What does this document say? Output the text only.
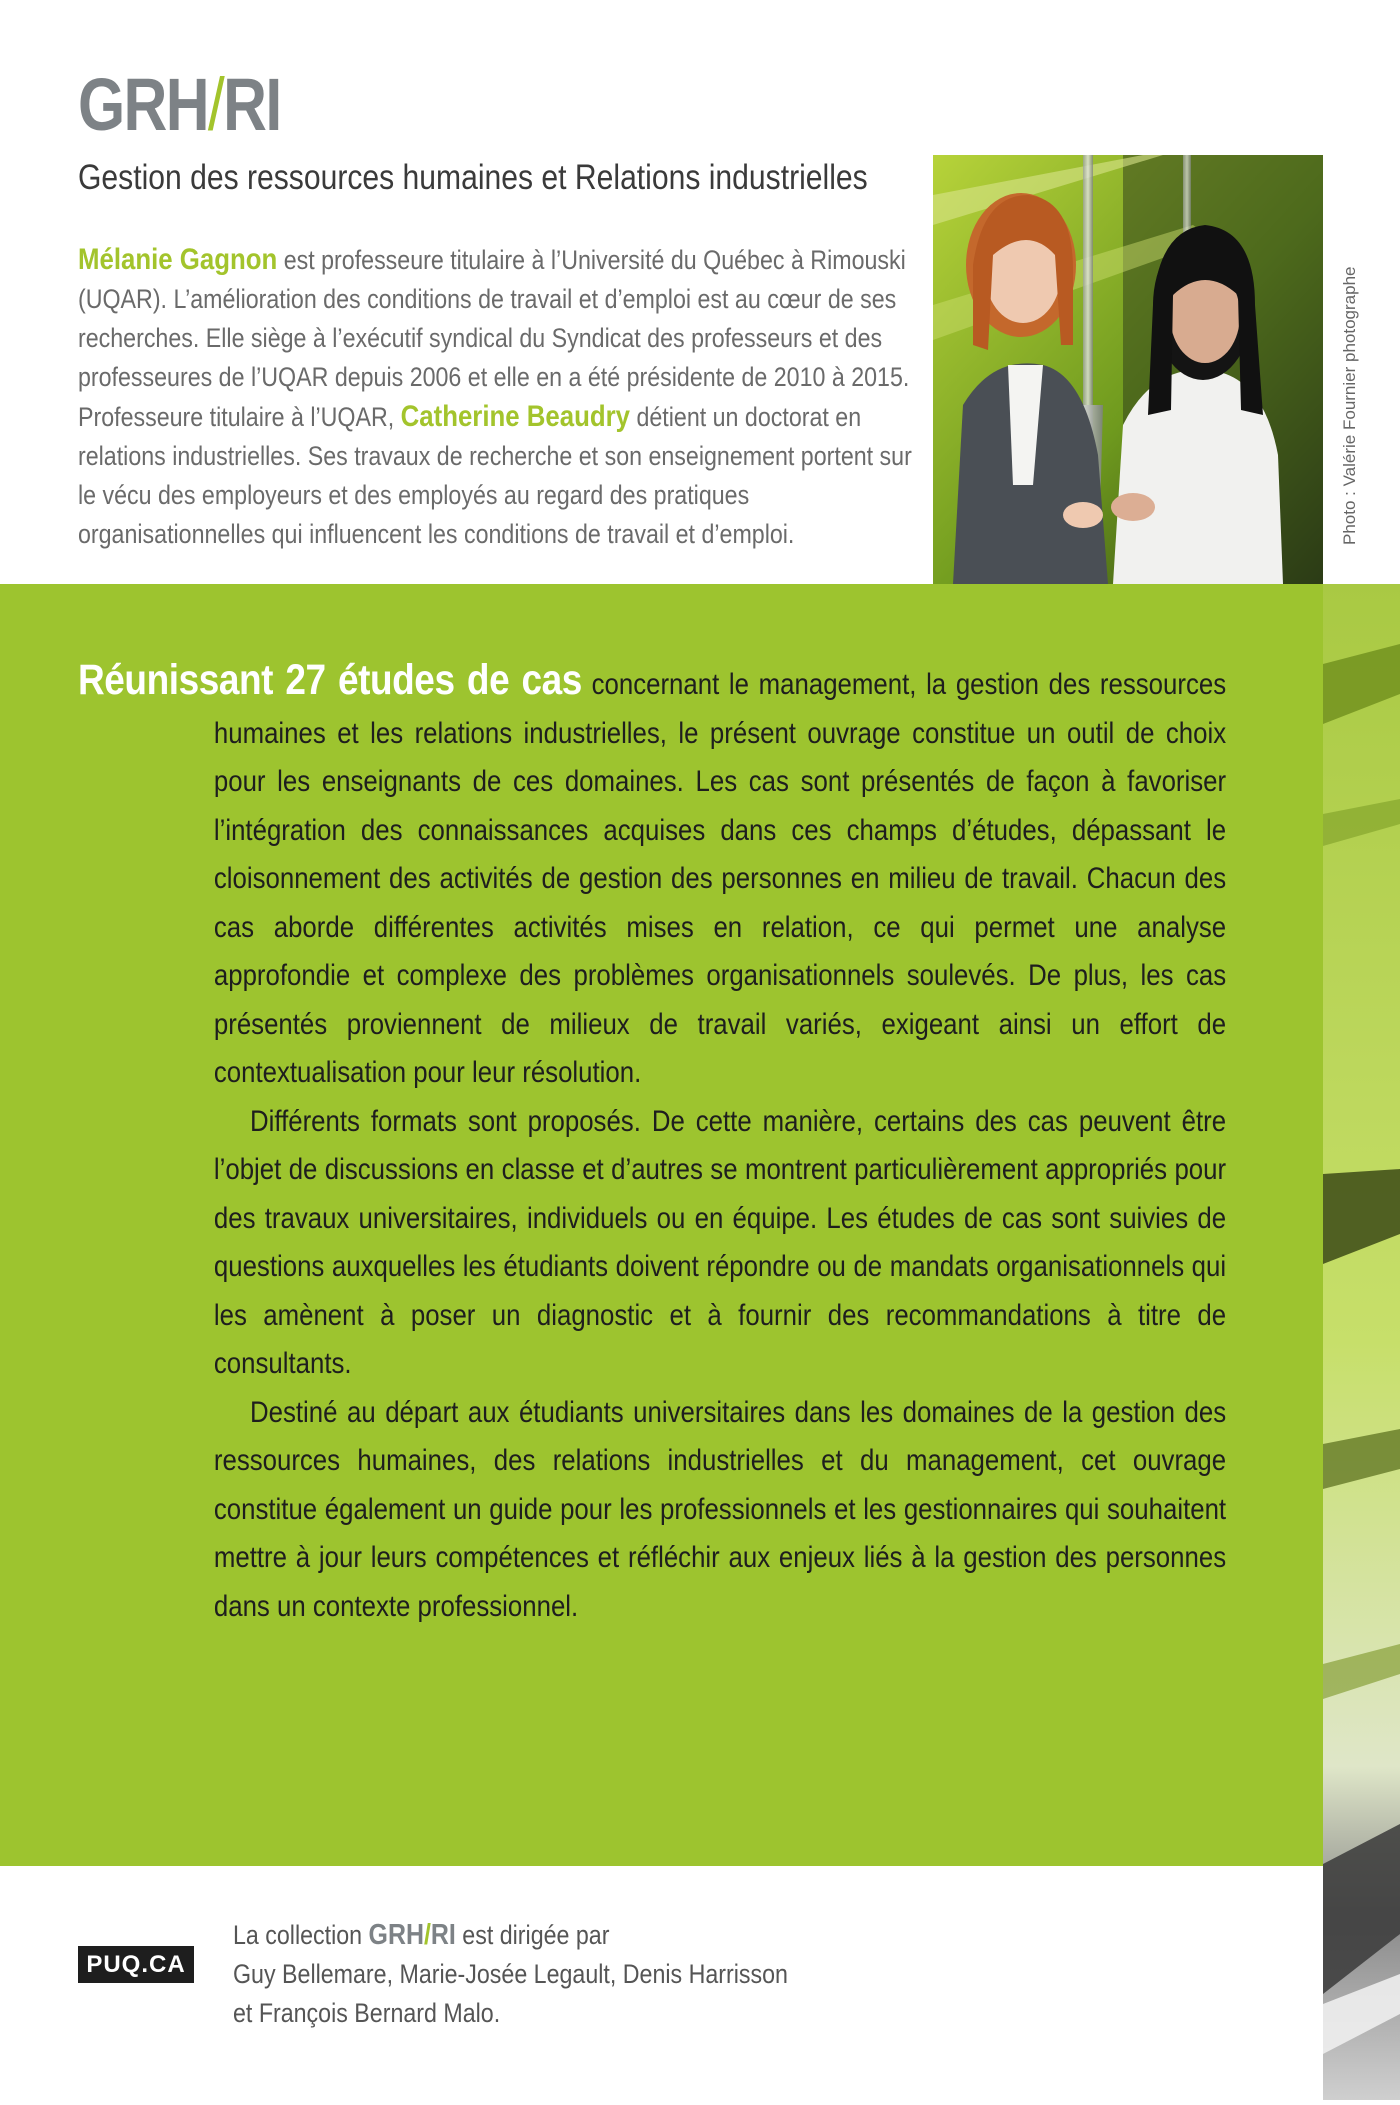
GRH/RI
Gestion des ressources humaines et Relations industrielles

Mélanie Gagnon est professeure titulaire à l’Université du Québec à Rimouski (UQAR). L’amélioration des conditions de travail et d’emploi est au cœur de ses recherches. Elle siège à l’exécutif syndical du Syndicat des professeurs et des professeures de l’UQAR depuis 2006 et elle en a été présidente de 2010 à 2015. Professeure titulaire à l’UQAR, Catherine Beaudry détient un doctorat en relations industrielles. Ses travaux de recherche et son enseignement portent sur le vécu des employeurs et des employés au regard des pratiques organisationnelles qui influencent les conditions de travail et d’emploi.	Photo : Valérie Fournier photographe

Réunissant 27 études de cas concernant le management, la gestion des ressources humaines et les relations industrielles, le présent ouvrage constitue un outil de choix pour les enseignants de ces domaines. Les cas sont présentés de façon à favoriser l’intégration des connaissances acquises dans ces champs d’études, dépassant le cloisonnement des activités de gestion des personnes en milieu de travail. Chacun des cas aborde différentes activités mises en relation, ce qui permet une analyse approfondie et complexe des problèmes organisationnels soulevés. De plus, les cas présentés proviennent de milieux de travail variés, exigeant ainsi un effort de contextualisation pour leur résolution.

Différents formats sont proposés. De cette manière, certains des cas peuvent être l’objet de discussions en classe et d’autres se montrent particulièrement appropriés pour des travaux universitaires, individuels ou en équipe. Les études de cas sont suivies de questions auxquelles les étudiants doivent répondre ou de mandats organisationnels qui les amènent à poser un diagnostic et à fournir des recommandations à titre de consultants.

Destiné au départ aux étudiants universitaires dans les domaines de la gestion des ressources humaines, des relations industrielles et du management, cet ouvrage constitue également un guide pour les professionnels et les gestionnaires qui souhaitent mettre à jour leurs compétences et réfléchir aux enjeux liés à la gestion des personnes dans un contexte professionnel.

PUQ.CA

La collection GRH/RI est dirigée par
Guy Bellemare, Marie-Josée Legault, Denis Harrisson
et François Bernard Malo.
